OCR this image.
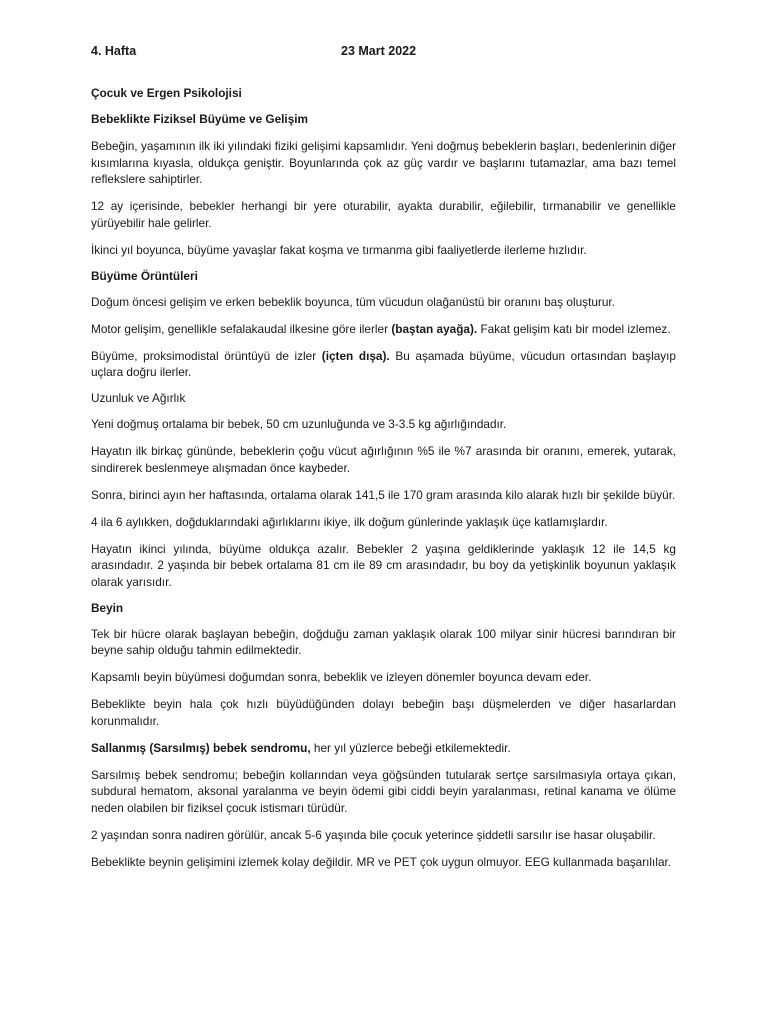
4. Hafta	23 Mart 2022
Çocuk ve Ergen Psikolojisi
Bebeklikte Fiziksel Büyüme ve Gelişim

Bebeğin, yaşamının ilk iki yılındaki fiziki gelişimi kapsamlıdır. Yeni doğmuş bebeklerin başları, bedenlerinin diğer kısımlarına kıyasla, oldukça geniştir. Boyunlarında çok az güç vardır ve başlarını tutamazlar, ama bazı temel reflekslere sahiptirler.

12 ay içerisinde, bebekler herhangi bir yere oturabilir, ayakta durabilir, eğilebilir, tırmanabilir ve genellikle yürüyebilir hale gelirler.

İkinci yıl boyunca, büyüme yavaşlar fakat koşma ve tırmanma gibi faaliyetlerde ilerleme hızlıdır.

Büyüme Örüntüleri

Doğum öncesi gelişim ve erken bebeklik boyunca, tüm vücudun olağanüstü bir oranını baş oluşturur.

Motor gelişim, genellikle sefalakaudal ilkesine göre ilerler (baştan ayağa). Fakat gelişim katı bir model izlemez.

Büyüme, proksimodistal örüntüyü de izler (içten dışa). Bu aşamada büyüme, vücudun ortasından başlayıp uçlara doğru ilerler.

Uzunluk ve Ağırlık

Yeni doğmuş ortalama bir bebek, 50 cm uzunluğunda ve 3-3.5 kg ağırlığındadır.

Hayatın ilk birkaç gününde, bebeklerin çoğu vücut ağırlığının %5 ile %7 arasında bir oranını, emerek, yutarak, sindirerek beslenmeye alışmadan önce kaybeder.

Sonra, birinci ayın her haftasında, ortalama olarak 141,5 ile 170 gram arasında kilo alarak hızlı bir şekilde büyür.

4 ila 6 aylıkken, doğduklarındaki ağırlıklarını ikiye, ilk doğum günlerinde yaklaşık üçe katlamışlardır.

Hayatın ikinci yılında, büyüme oldukça azalır. Bebekler 2 yaşına geldiklerinde yaklaşık 12 ile 14,5 kg arasındadır. 2 yaşında bir bebek ortalama 81 cm ile 89 cm arasındadır, bu boy da yetişkinlik boyunun yaklaşık olarak yarısıdır.

Beyin

Tek bir hücre olarak başlayan bebeğin, doğduğu zaman yaklaşık olarak 100 milyar sinir hücresi barındıran bir beyne sahip olduğu tahmin edilmektedir.

Kapsamlı beyin büyümesi doğumdan sonra, bebeklik ve izleyen dönemler boyunca devam eder.

Bebeklikte beyin hala çok hızlı büyüdüğünden dolayı bebeğin başı düşmelerden ve diğer hasarlardan korunmalıdır.

Sallanmış (Sarsılmış) bebek sendromu, her yıl yüzlerce bebeği etkilemektedir.

Sarsılmış bebek sendromu; bebeğin kollarından veya göğsünden tutularak sertçe sarsılmasıyla ortaya çıkan, subdural hematom, aksonal yaralanma ve beyin ödemi gibi ciddi beyin yaralanması, retinal kanama ve ölüme neden olabilen bir fiziksel çocuk istismarı türüdür.

2 yaşından sonra nadiren görülür, ancak 5-6 yaşında bile çocuk yeterince şiddetli sarsılır ise hasar oluşabilir.

Bebeklikte beynin gelişimini izlemek kolay değildir. MR ve PET çok uygun olmuyor. EEG kullanmada başarılılar.
